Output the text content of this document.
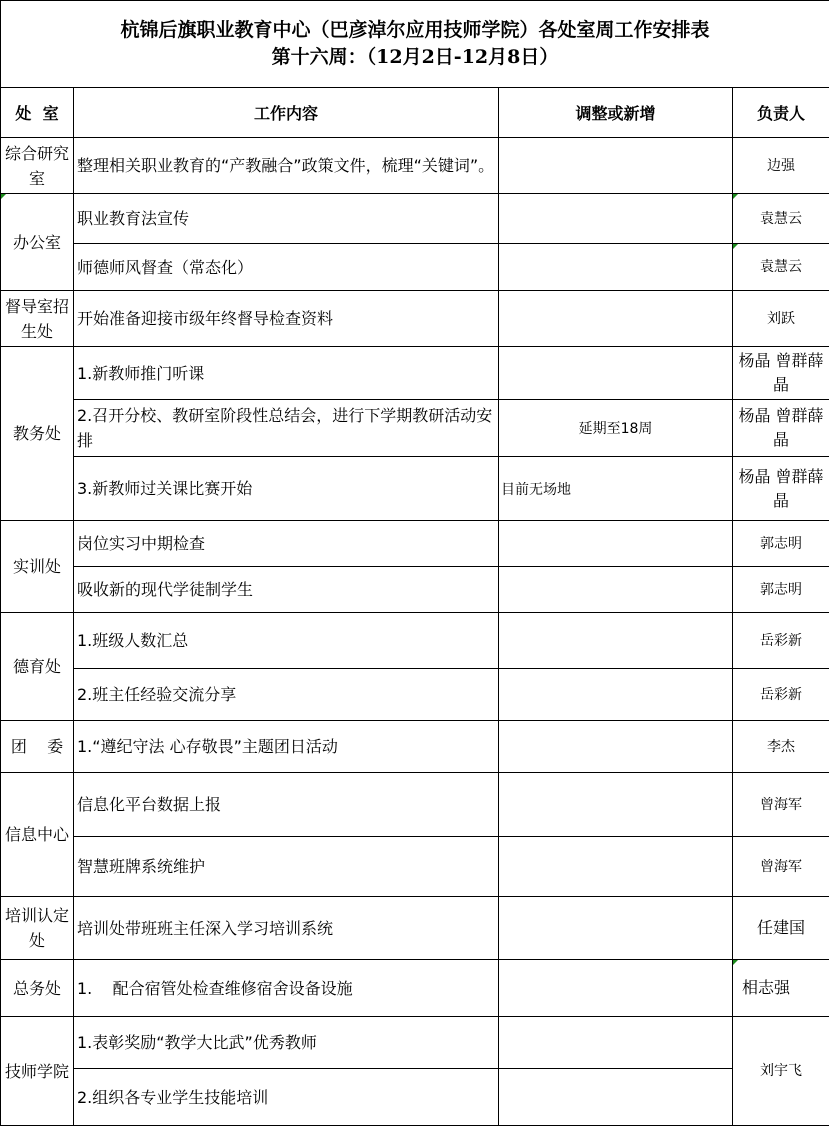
杭锦后旗职业教育中心（巴彦淖尔应用技师学院）各处室周工作安排表
第十六周：（12月2日-12月8日）			

处  室	工作内容	调整或新增	负责人
综合研究室	整理相关职业教育的“产教融合”政策文件，梳理“关键词”。		边强
办公室	职业教育法宣传		袁慧云
	师德师风督查（常态化）		袁慧云
督导室招生处	开始准备迎接市级年终督导检查资料		刘跃
教务处	1.新教师推门听课		杨晶 曾群薛晶
	2.召开分校、教研室阶段性总结会，进行下学期教研活动安排	延期至18周	杨晶 曾群薛晶
	3.新教师过关课比赛开始	目前无场地	杨晶 曾群薛晶
实训处	岗位实习中期检查		郭志明
	吸收新的现代学徒制学生		郭志明
德育处	1.班级人数汇总		岳彩新
	2.班主任经验交流分享		岳彩新
团    委	1.“遵纪守法 心存敬畏”主题团日活动		李杰
信息中心	信息化平台数据上报		曾海军
	智慧班牌系统维护		曾海军
培训认定处	培训处带班班主任深入学习培训系统		任建国
总务处	1.    配合宿管处检查维修宿舍设备设施		相志强
技师学院	1.表彰奖励“教学大比武”优秀教师		刘宇飞
	2.组织各专业学生技能培训		
